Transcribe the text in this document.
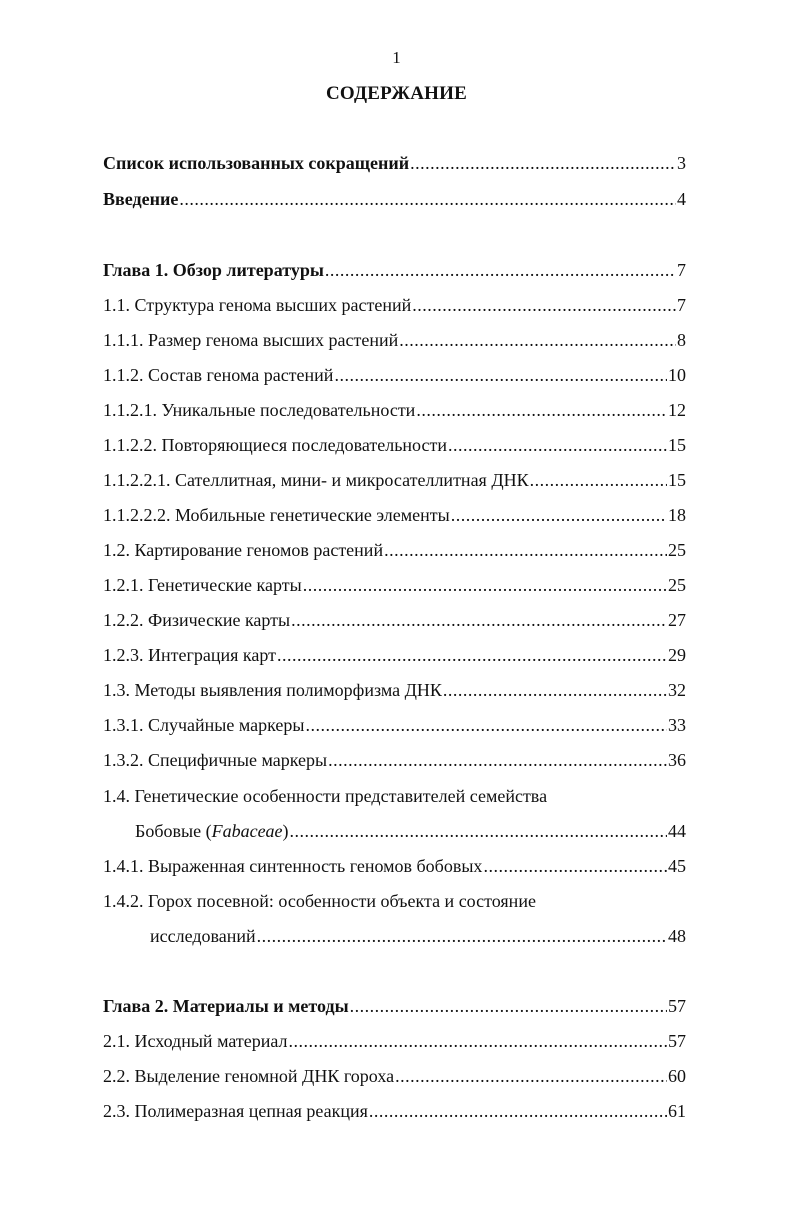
1
СОДЕРЖАНИЕ
Список использованных сокращений .....	3
Введение .....	4
Глава 1. Обзор литературы .....	7
1.1. Структура генома высших растений .....	7
1.1.1. Размер генома высших растений .....	8
1.1.2. Состав генома растений .....	10
1.1.2.1. Уникальные последовательности .....	12
1.1.2.2. Повторяющиеся последовательности .....	15
1.1.2.2.1. Сателлитная, мини- и микросателлитная ДНК .....	15
1.1.2.2.2. Мобильные генетические элементы .....	18
1.2. Картирование геномов растений .....	25
1.2.1. Генетические карты .....	25
1.2.2. Физические карты .....	27
1.2.3. Интеграция карт .....	29
1.3. Методы выявления полиморфизма ДНК .....	32
1.3.1. Случайные маркеры .....	33
1.3.2. Специфичные маркеры .....	36
1.4. Генетические особенности представителей семейства
Бобовые (Fabaceae) .....	44
1.4.1. Выраженная синтенность геномов бобовых .....	45
1.4.2. Горох посевной: особенности объекта и состояние
исследований .....	48
Глава 2. Материалы и методы .....	57
2.1. Исходный материал .....	57
2.2. Выделение геномной ДНК гороха .....	60
2.3. Полимеразная цепная реакция .....	61
